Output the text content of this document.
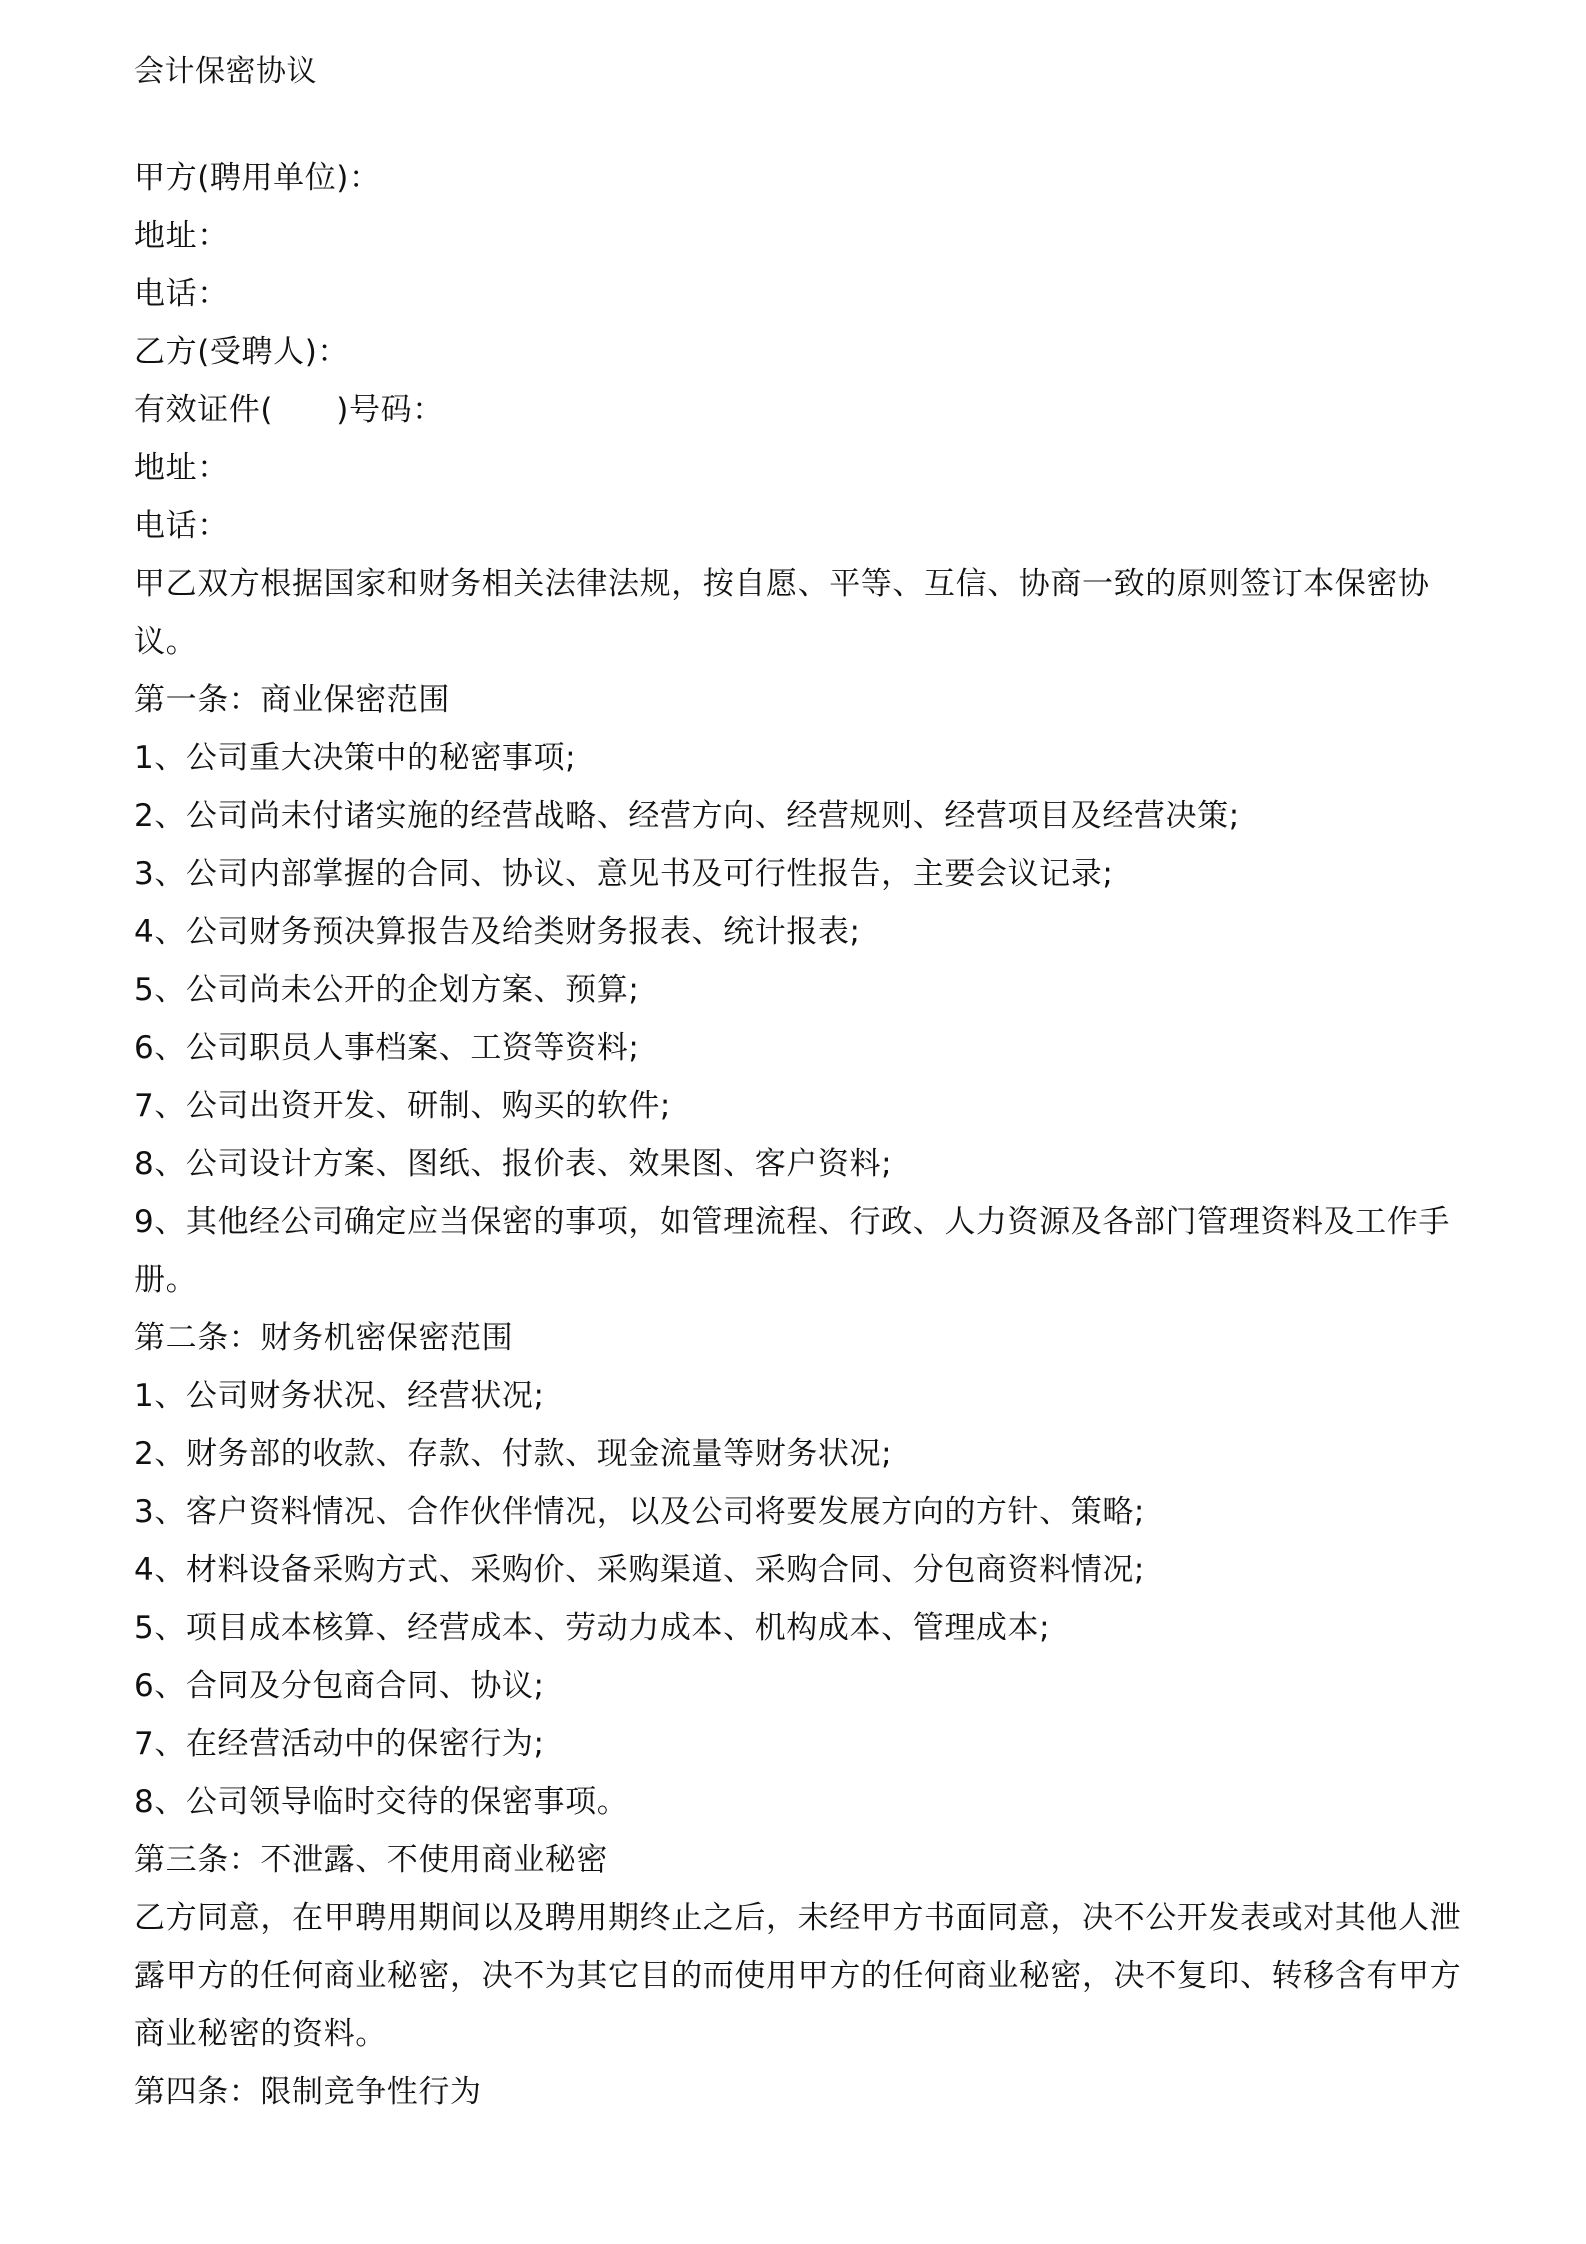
会计保密协议

甲方(聘用单位)：

地址：

电话：

乙方(受聘人)：

有效证件(　　)号码：

地址：

电话：

甲乙双方根据国家和财务相关法律法规，按自愿、平等、互信、协商一致的原则签订本保密协议。

第一条：商业保密范围

1、公司重大决策中的秘密事项;

2、公司尚未付诸实施的经营战略、经营方向、经营规则、经营项目及经营决策;

3、公司内部掌握的合同、协议、意见书及可行性报告，主要会议记录;

4、公司财务预决算报告及给类财务报表、统计报表;

5、公司尚未公开的企划方案、预算;

6、公司职员人事档案、工资等资料;

7、公司出资开发、研制、购买的软件;

8、公司设计方案、图纸、报价表、效果图、客户资料;

9、其他经公司确定应当保密的事项，如管理流程、行政、人力资源及各部门管理资料及工作手册。

第二条：财务机密保密范围

1、公司财务状况、经营状况;

2、财务部的收款、存款、付款、现金流量等财务状况;

3、客户资料情况、合作伙伴情况，以及公司将要发展方向的方针、策略;

4、材料设备采购方式、采购价、采购渠道、采购合同、分包商资料情况;

5、项目成本核算、经营成本、劳动力成本、机构成本、管理成本;

6、合同及分包商合同、协议;

7、在经营活动中的保密行为;

8、公司领导临时交待的保密事项。

第三条：不泄露、不使用商业秘密

乙方同意，在甲聘用期间以及聘用期终止之后，未经甲方书面同意，决不公开发表或对其他人泄露甲方的任何商业秘密，决不为其它目的而使用甲方的任何商业秘密，决不复印、转移含有甲方商业秘密的资料。

第四条：限制竞争性行为
